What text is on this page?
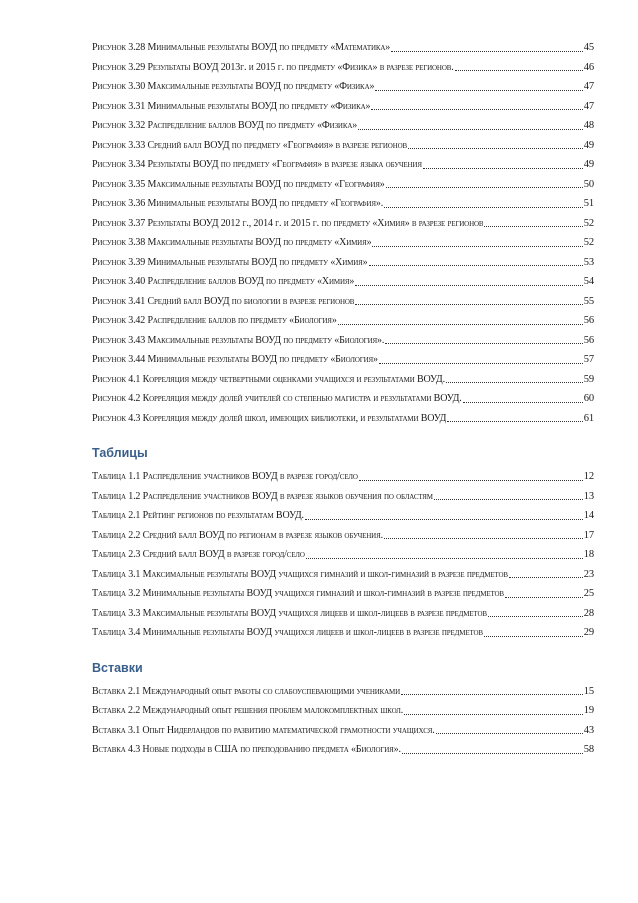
Рисунок 3.28 Минимальные результаты ВОУД по предмету «Математика»	45
Рисунок 3.29 Результаты ВОУД 2013г. и 2015 г. по предмету «Физика» в разрезе регионов.	46
Рисунок 3.30 Максимальные результаты ВОУД по предмету «Физика»	47
Рисунок 3.31 Минимальные результаты ВОУД по предмету «Физика»	47
Рисунок 3.32 Распределение баллов ВОУД по предмету «Физика»	48
Рисунок 3.33 Средний балл ВОУД по предмету «География» в разрезе регионов	49
Рисунок 3.34 Результаты ВОУД по предмету «География» в разрезе языка обучения	49
Рисунок 3.35 Максимальные результаты ВОУД по предмету «География»	50
Рисунок 3.36 Минимальные результаты ВОУД по предмету «География».	51
Рисунок 3.37 Результаты ВОУД 2012 г., 2014 г. и 2015 г. по предмету «Химия» в разрезе регионов	52
Рисунок 3.38 Максимальные результаты ВОУД по предмету «Химия»	52
Рисунок 3.39 Минимальные результаты ВОУД по предмету «Химия»	53
Рисунок 3.40 Распределение баллов ВОУД по предмету «Химия»	54
Рисунок 3.41 Средний балл ВОУД по биологии в разрезе регионов	55
Рисунок 3.42 Распределение баллов по предмету «Биология»	56
Рисунок 3.43 Максимальные результаты ВОУД по предмету «Биология».	56
Рисунок 3.44 Минимальные результаты ВОУД по предмету «Биология»	57
Рисунок 4.1 Корреляция между четвертными оценками учащихся и результатами ВОУД.	59
Рисунок 4.2 Корреляция между долей учителей со степенью магистра и результатами ВОУД.	60
Рисунок 4.3 Корреляция между долей школ, имеющих библиотеки, и результатами ВОУД	61
Таблицы
Таблица 1.1 Распределение участников ВОУД в разрезе город/село	12
Таблица 1.2 Распределение участников ВОУД в разрезе языков обучения по областям	13
Таблица 2.1 Рейтинг регионов по результатам ВОУД.	14
Таблица 2.2 Средний балл ВОУД по регионам в разрезе языков обучения.	17
Таблица 2.3 Средний балл ВОУД в разрезе город/село	18
Таблица 3.1 Максимальные результаты ВОУД учащихся гимназий и школ-гимназий в разрезе предметов	23
Таблица 3.2 Минимальные результаты ВОУД учащихся гимназий и школ-гимназий в разрезе предметов	25
Таблица 3.3 Максимальные результаты ВОУД учащихся лицеев и школ-лицеев в разрезе предметов	28
Таблица 3.4 Минимальные результаты ВОУД учащихся лицеев и школ-лицеев в разрезе предметов	29
Вставки
Вставка 2.1 Международный опыт работы со слабоуспевающими учениками	15
Вставка 2.2 Международный опыт решения проблем малокомплектных школ.	19
Вставка 3.1 Опыт Нидерландов по развитию математической грамотности учащихся.	43
Вставка 4.3 Новые подходы в США по преподованию предмета «Биология».	58
